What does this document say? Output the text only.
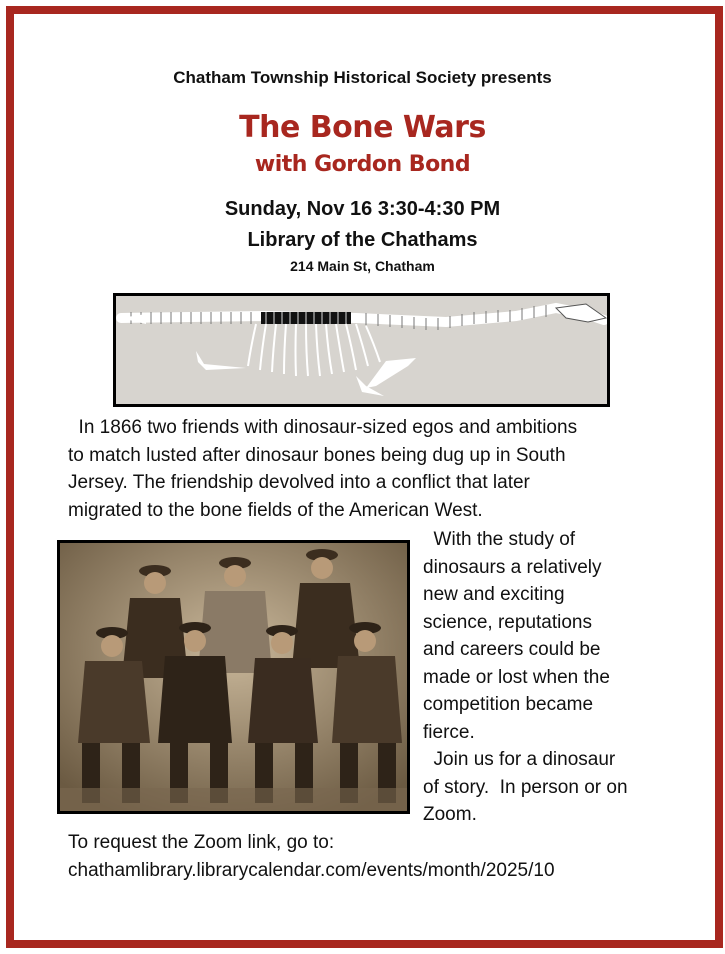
Chatham Township Historical Society presents
The Bone Wars
with Gordon Bond
Sunday, Nov 16 3:30-4:30 PM
Library of the Chathams
214 Main St, Chatham
In 1866 two friends with dinosaur-sized egos and ambitions
to match lusted after dinosaur bones being dug up in South
Jersey. The friendship devolved into a conflict that later
migrated to the bone fields of the American West.
With the study of
dinosaurs a relatively
new and exciting
science, reputations
and careers could be
made or lost when the
competition became
fierce.
Join us for a dinosaur
of story.  In person or on
Zoom.
To request the Zoom link, go to:
chathamlibrary.librarycalendar.com/events/month/2025/10
